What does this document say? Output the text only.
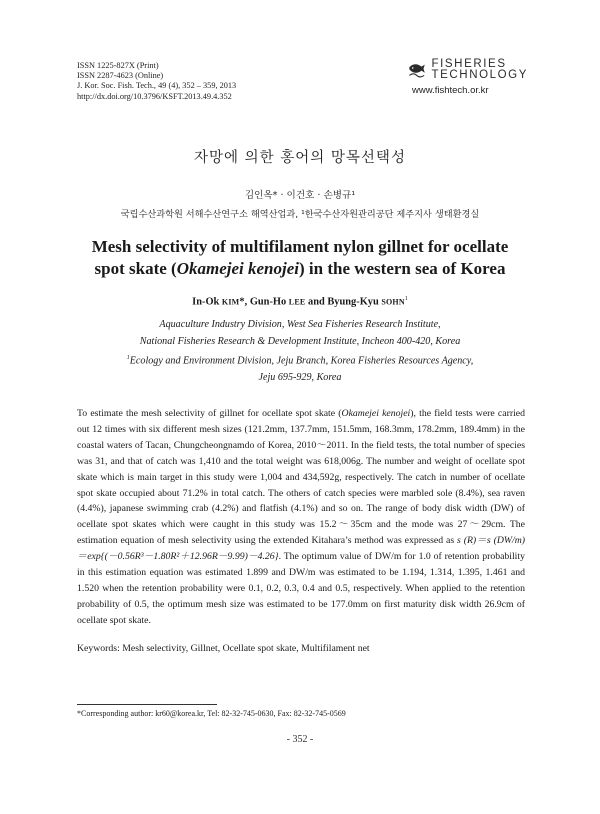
ISSN 1225-827X (Print)
ISSN 2287-4623 (Online)
J. Kor. Soc. Fish. Tech., 49 (4), 352 – 359, 2013
http://dx.doi.org/10.3796/KSFT.2013.49.4.352
FISHERIES
TECHNOLOGY
www.fishtech.or.kr
자망에 의한 홍어의 망목선택성
김인옥* · 이건호 · 손병규¹
국립수산과학원 서해수산연구소 해역산업과, ¹한국수산자원관리공단 제주지사 생태환경실
Mesh selectivity of multifilament nylon gillnet for ocellate
spot skate (Okamejei kenojei) in the western sea of Korea
In-Ok KIM*, Gun-Ho LEE and Byung-Kyu SOHN$^1$
Aquaculture Industry Division, West Sea Fisheries Research Institute,
National Fisheries Research & Development Institute, Incheon 400-420, Korea
$^1$Ecology and Environment Division, Jeju Branch, Korea Fisheries Resources Agency,
Jeju 695-929, Korea

To estimate the mesh selectivity of gillnet for ocellate spot skate (Okamejei kenojei), the field tests were carried out 12 times with six different mesh sizes (121.2mm, 137.7mm, 151.5mm, 168.3mm, 178.2mm, 189.4mm) in the coastal waters of Tacan, Chungcheongnamdo of Korea, 2010～2011. In the field tests, the total number of species was 31, and that of catch was 1,410 and the total weight was 618,006g. The number and weight of ocellate spot skate which is main target in this study were 1,004 and 434,592g, respectively. The catch in number of ocellate spot skate occupied about 71.2% in total catch. The others of catch species were marbled sole (8.4%), sea raven (4.4%), japanese swimming crab (4.2%) and flatfish (4.1%) and so on. The range of body disk width (DW) of ocellate spot skates which were caught in this study was 15.2～35cm and the mode was 27～29cm. The estimation equation of mesh selectivity using the extended Kitahara’s method was expressed as s (R)＝s (DW/m)＝exp{(－0.56R³－1.80R²＋12.96R－9.99)－4.26}. The optimum value of DW/m for 1.0 of retention probability in this estimation equation was estimated 1.899 and DW/m was estimated to be 1.194, 1.314, 1.395, 1.461 and 1.520 when the retention probability were 0.1, 0.2, 0.3, 0.4 and 0.5, respectively. When applied to the retention probability of 0.5, the optimum mesh size was estimated to be 177.0mm on first maturity disk width 26.9cm of ocellate spot skate.

Keywords: Mesh selectivity, Gillnet, Ocellate spot skate, Multifilament net
*Corresponding author: kr60@korea.kr, Tel: 82-32-745-0630, Fax: 82-32-745-0569
- 352 -
